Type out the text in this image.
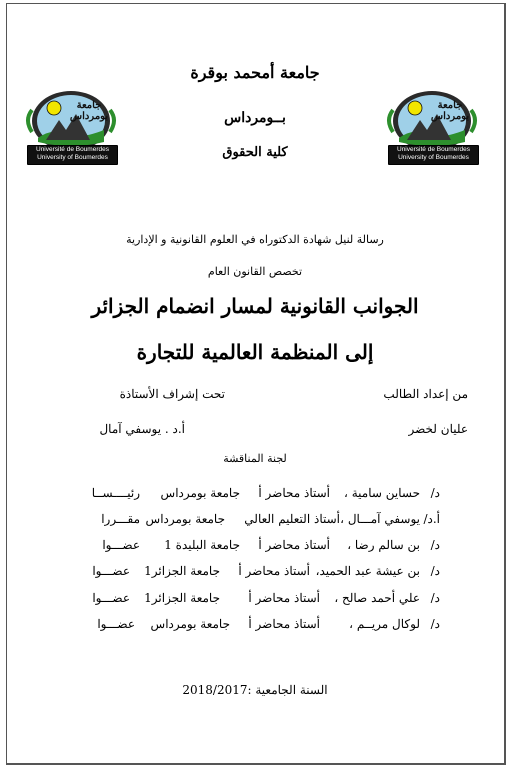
جامعة بومرداس
Université de Boumerdes
University of Boumerdes
جامعة بومرداس
Université de Boumerdes
University of Boumerdes
جامعة أمحمد بوقرة
بــومرداس
كلية الحقوق
رسالة لنيل شهادة الدكتوراه في العلوم القانونية و الإدارية
تخصص القانون العام
الجوانب القانونية لمسار انضمام الجزائر
إلى المنظمة العالمية للتجارة
من إعداد الطالب
تحت إشراف الأستاذة
عليان لخضر
أ.د . يوسفي آمال
لجنة المناقشة
د/
حساين سامية ،
أستاذ محاضر أ
جامعة بومرداس
رئيــــســا
أ.د/
يوسفي آمـــال ،
أستاذ التعليم العالي
جامعة بومرداس
مقـــررا
د/
بن سالم رضا ،
أستاذ محاضر أ
جامعة البليدة 1
عضـــوا
د/
بن عيشة عبد الحميد،
أستاذ محاضر أ
جامعة الجزائر1
عضـــوا
د/
علي أحمد صالح ،
أستاذ محاضر أ
جامعة الجزائر1
عضـــوا
د/
لوكال مريــم ،
أستاذ محاضر أ
جامعة بومرداس
عضـــوا
السنة الجامعية :2018/2017
